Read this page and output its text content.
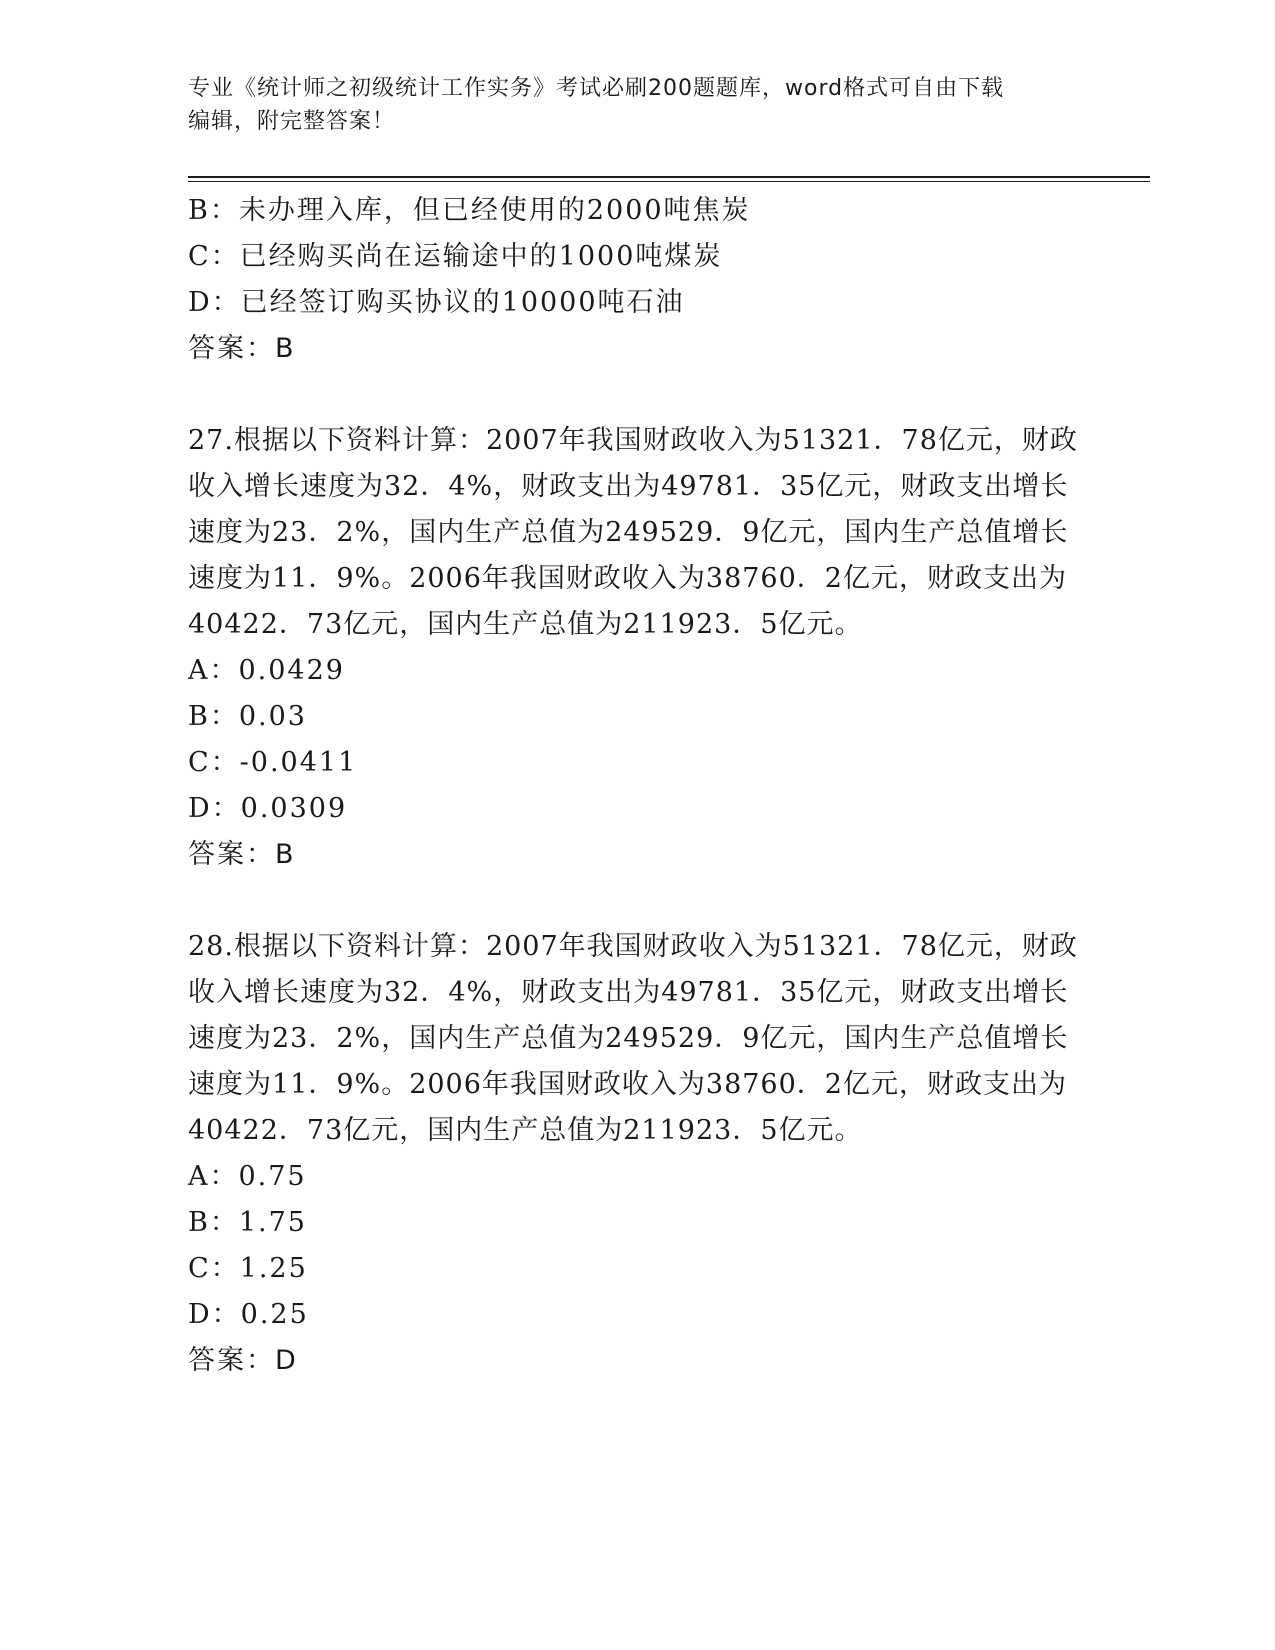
专业《统计师之初级统计工作实务》考试必刷200题题库，word格式可自由下载
编辑，附完整答案！
B：未办理入库，但已经使用的2000吨焦炭
C：已经购买尚在运输途中的1000吨煤炭
D：已经签订购买协议的10000吨石油
答案：B
27.根据以下资料计算：2007年我国财政收入为51321．78亿元，财政
收入增长速度为32．4%，财政支出为49781．35亿元，财政支出增长
速度为23．2%，国内生产总值为249529．9亿元，国内生产总值增长
速度为11．9%。2006年我国财政收入为38760．2亿元，财政支出为
40422．73亿元，国内生产总值为211923．5亿元。
A：0.0429
B：0.03
C：-0.0411
D：0.0309
答案：B
28.根据以下资料计算：2007年我国财政收入为51321．78亿元，财政
收入增长速度为32．4%，财政支出为49781．35亿元，财政支出增长
速度为23．2%，国内生产总值为249529．9亿元，国内生产总值增长
速度为11．9%。2006年我国财政收入为38760．2亿元，财政支出为
40422．73亿元，国内生产总值为211923．5亿元。
A：0.75
B：1.75
C：1.25
D：0.25
答案：D
